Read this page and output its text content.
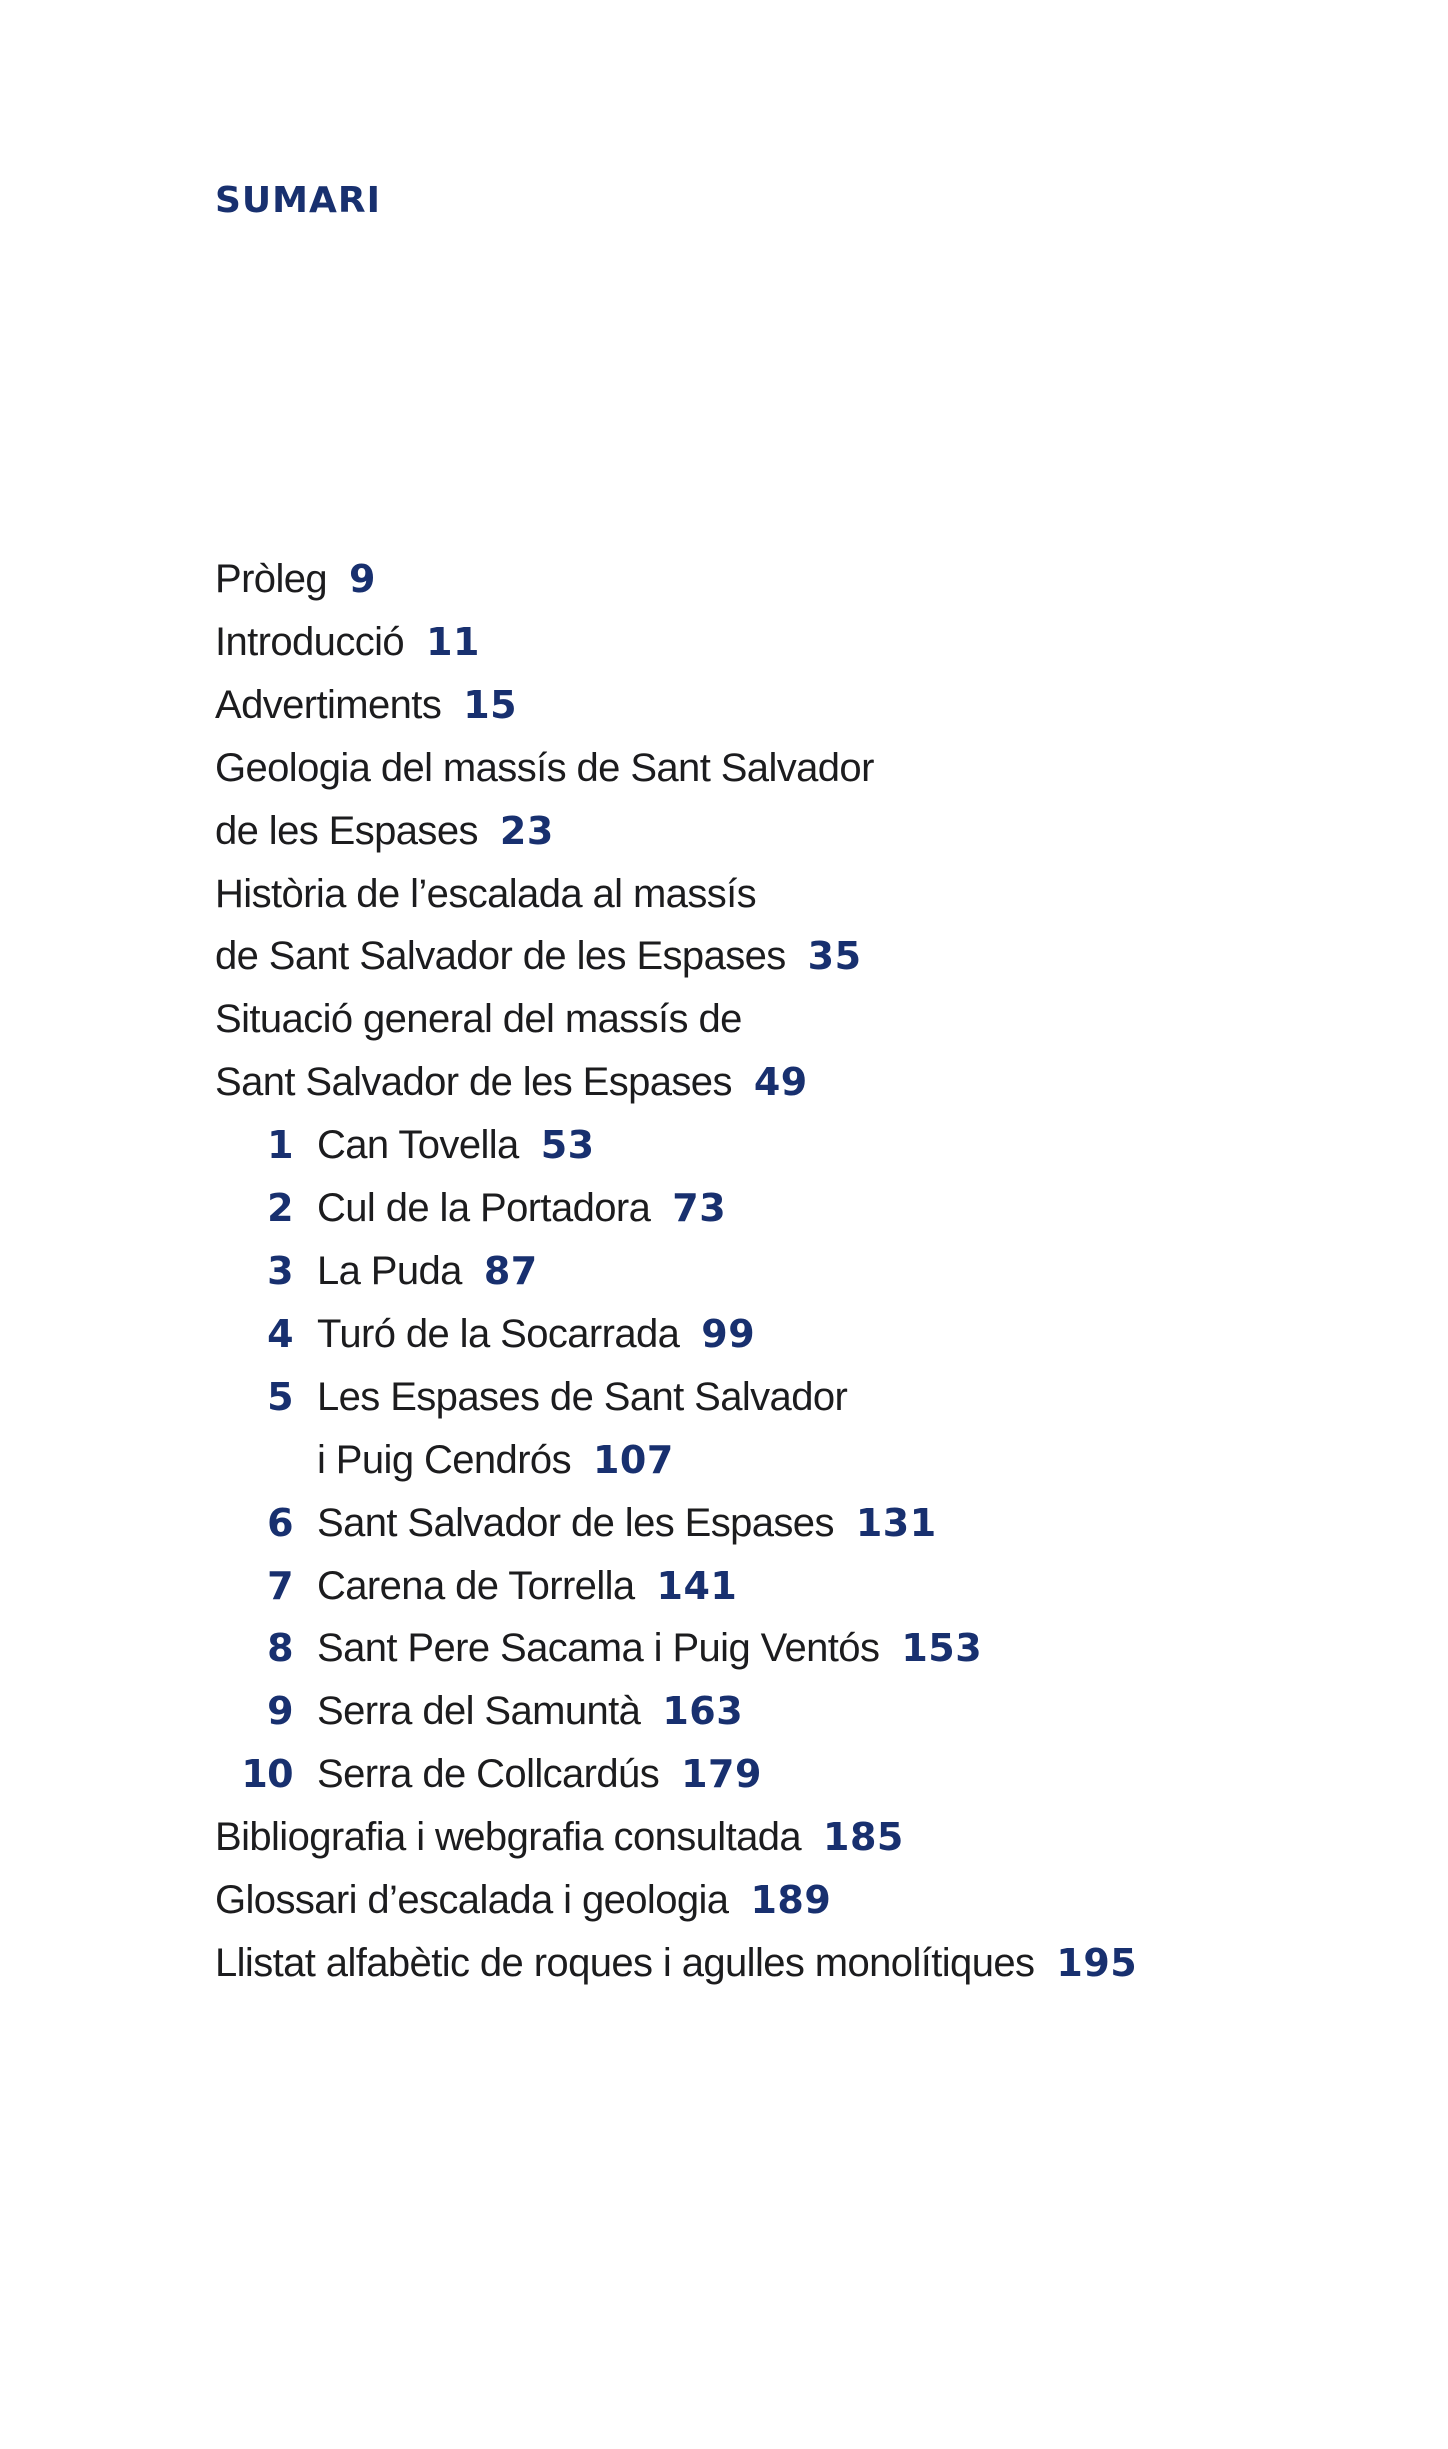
SUMARI
Pròleg 9
Introducció 11
Advertiments 15
Geologia del massís de Sant Salvador
de les Espases 23
Història de l’escalada al massís
de Sant Salvador de les Espases 35
Situació general del massís de
Sant Salvador de les Espases 49
1 Can Tovella 53
2 Cul de la Portadora 73
3 La Puda 87
4 Turó de la Socarrada 99
5 Les Espases de Sant Salvador
i Puig Cendrós 107
6 Sant Salvador de les Espases 131
7 Carena de Torrella 141
8 Sant Pere Sacama i Puig Ventós 153
9 Serra del Samuntà 163
10 Serra de Collcardús 179
Bibliografia i webgrafia consultada 185
Glossari d’escalada i geologia 189
Llistat alfabètic de roques i agulles monolítiques 195
